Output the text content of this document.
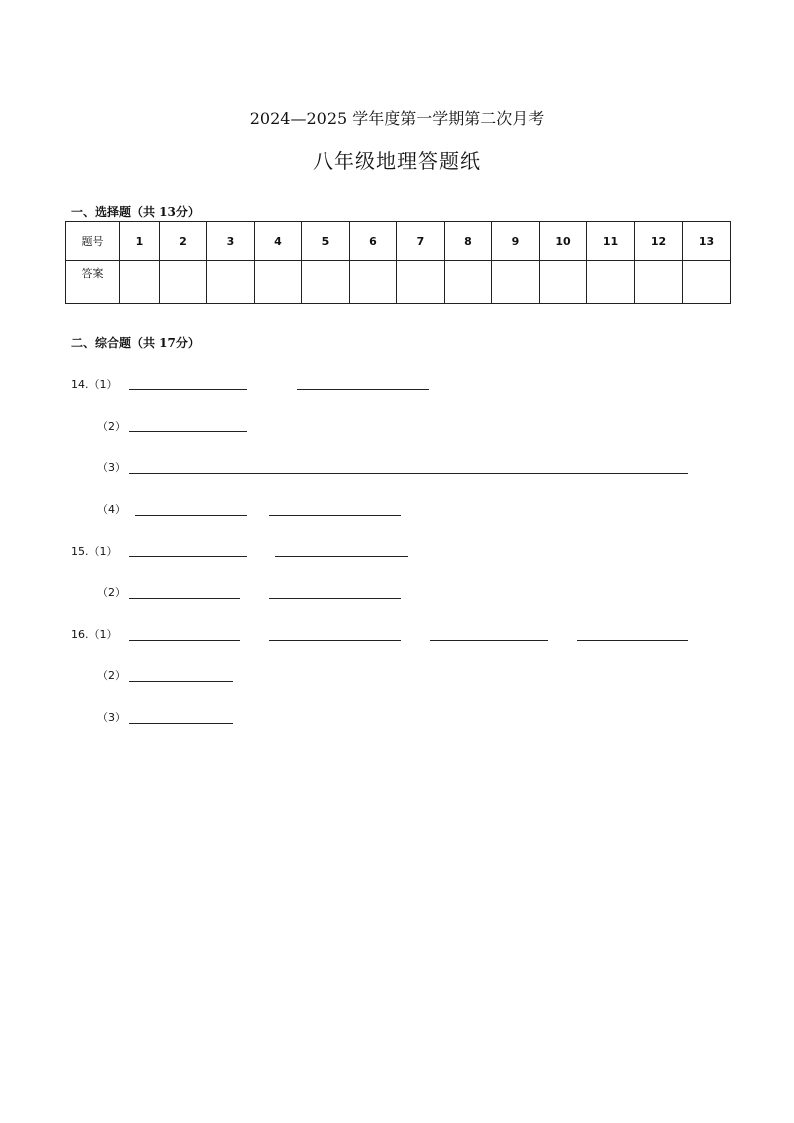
2024—2025 学年度第一学期第二次月考
八年级地理答题纸
一、选择题（共 13分）
题号	1	2	3	4	5	6	7	8	9	10	11	12	13
答案													
二、综合题（共 17分）
14.（1）
（2）
（3）
（4）
15.（1）
（2）
16.（1）
（2）
（3）
